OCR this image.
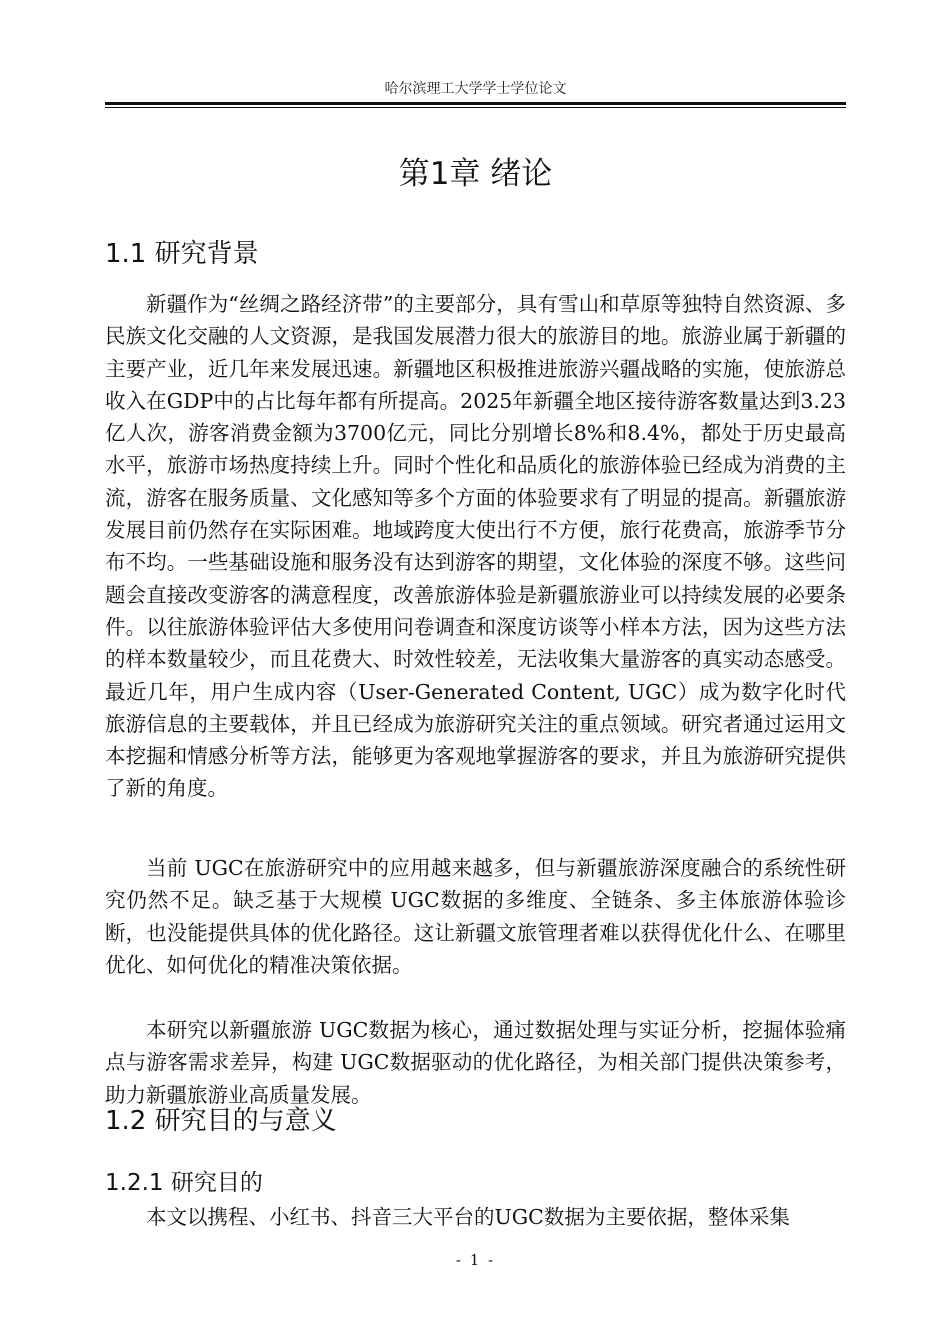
哈尔滨理工大学学士学位论文
第1章 绪论
1.1 研究背景

新疆作为“丝绸之路经济带”的主要部分，具有雪山和草原等独特自然资源、多民族文化交融的人文资源，是我国发展潜力很大的旅游目的地。旅游业属于新疆的主要产业，近几年来发展迅速。新疆地区积极推进旅游兴疆战略的实施，使旅游总收入在GDP中的占比每年都有所提高。2025年新疆全地区接待游客数量达到3.23亿人次，游客消费金额为3700亿元，同比分别增长8%和8.4%，都处于历史最高水平，旅游市场热度持续上升。同时个性化和品质化的旅游体验已经成为消费的主流，游客在服务质量、文化感知等多个方面的体验要求有了明显的提高。新疆旅游发展目前仍然存在实际困难。地域跨度大使出行不方便，旅行花费高，旅游季节分布不均。一些基础设施和服务没有达到游客的期望，文化体验的深度不够。这些问题会直接改变游客的满意程度，改善旅游体验是新疆旅游业可以持续发展的必要条件。以往旅游体验评估大多使用问卷调查和深度访谈等小样本方法，因为这些方法的样本数量较少，而且花费大、时效性较差，无法收集大量游客的真实动态感受。最近几年，用户生成内容（User-Generated Content, UGC）成为数字化时代旅游信息的主要载体，并且已经成为旅游研究关注的重点领域。研究者通过运用文本挖掘和情感分析等方法，能够更为客观地掌握游客的要求，并且为旅游研究提供了新的角度。

当前 UGC在旅游研究中的应用越来越多，但与新疆旅游深度融合的系统性研究仍然不足。缺乏基于大规模 UGC数据的多维度、全链条、多主体旅游体验诊断，也没能提供具体的优化路径。这让新疆文旅管理者难以获得优化什么、在哪里优化、如何优化的精准决策依据。

本研究以新疆旅游 UGC数据为核心，通过数据处理与实证分析，挖掘体验痛点与游客需求差异，构建 UGC数据驱动的优化路径，为相关部门提供决策参考，助力新疆旅游业高质量发展。

1.2 研究目的与意义
1.2.1 研究目的

本文以携程、小红书、抖音三大平台的UGC数据为主要依据，整体采集

- 1 -
